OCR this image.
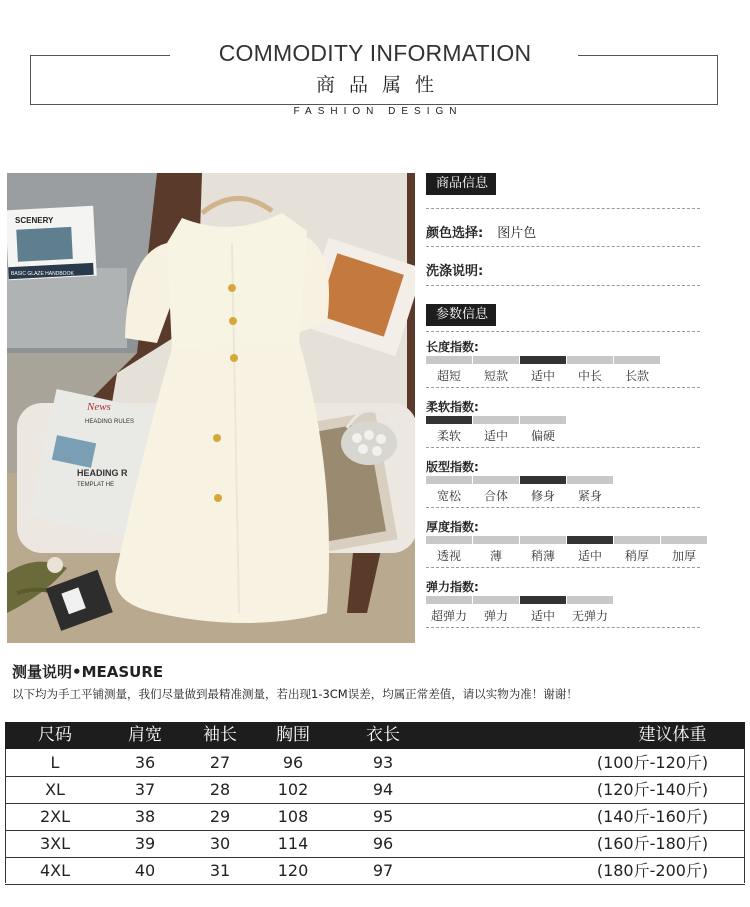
COMMODITY INFORMATION
商品属性
FASHION DESIGN
SCENERY
BASIC GLAZE HANDBOOK
News
HEADING RULES
HEADING R
TEMPLAT HE
商品信息
颜色选择: 图片色
洗涤说明:
参数信息
长度指数:
超短	短款	适中	中长	长款
柔软指数:
柔软	适中	偏硬
版型指数:
宽松	合体	修身	紧身
厚度指数:
透视	薄	稍薄	适中	稍厚	加厚
弹力指数:
超弹力	弹力	适中	无弹力
测量说明•MEASURE
以下均为手工平铺测量，我们尽量做到最精准测量，若出现1-3CM误差，均属正常差值，请以实物为准！谢谢！
尺码	肩宽	袖长	胸围	衣长	建议体重
L	36	27	96	93	(100斤-120斤)
XL	37	28	102	94	(120斤-140斤)
2XL	38	29	108	95	(140斤-160斤)
3XL	39	30	114	96	(160斤-180斤)
4XL	40	31	120	97	(180斤-200斤)
